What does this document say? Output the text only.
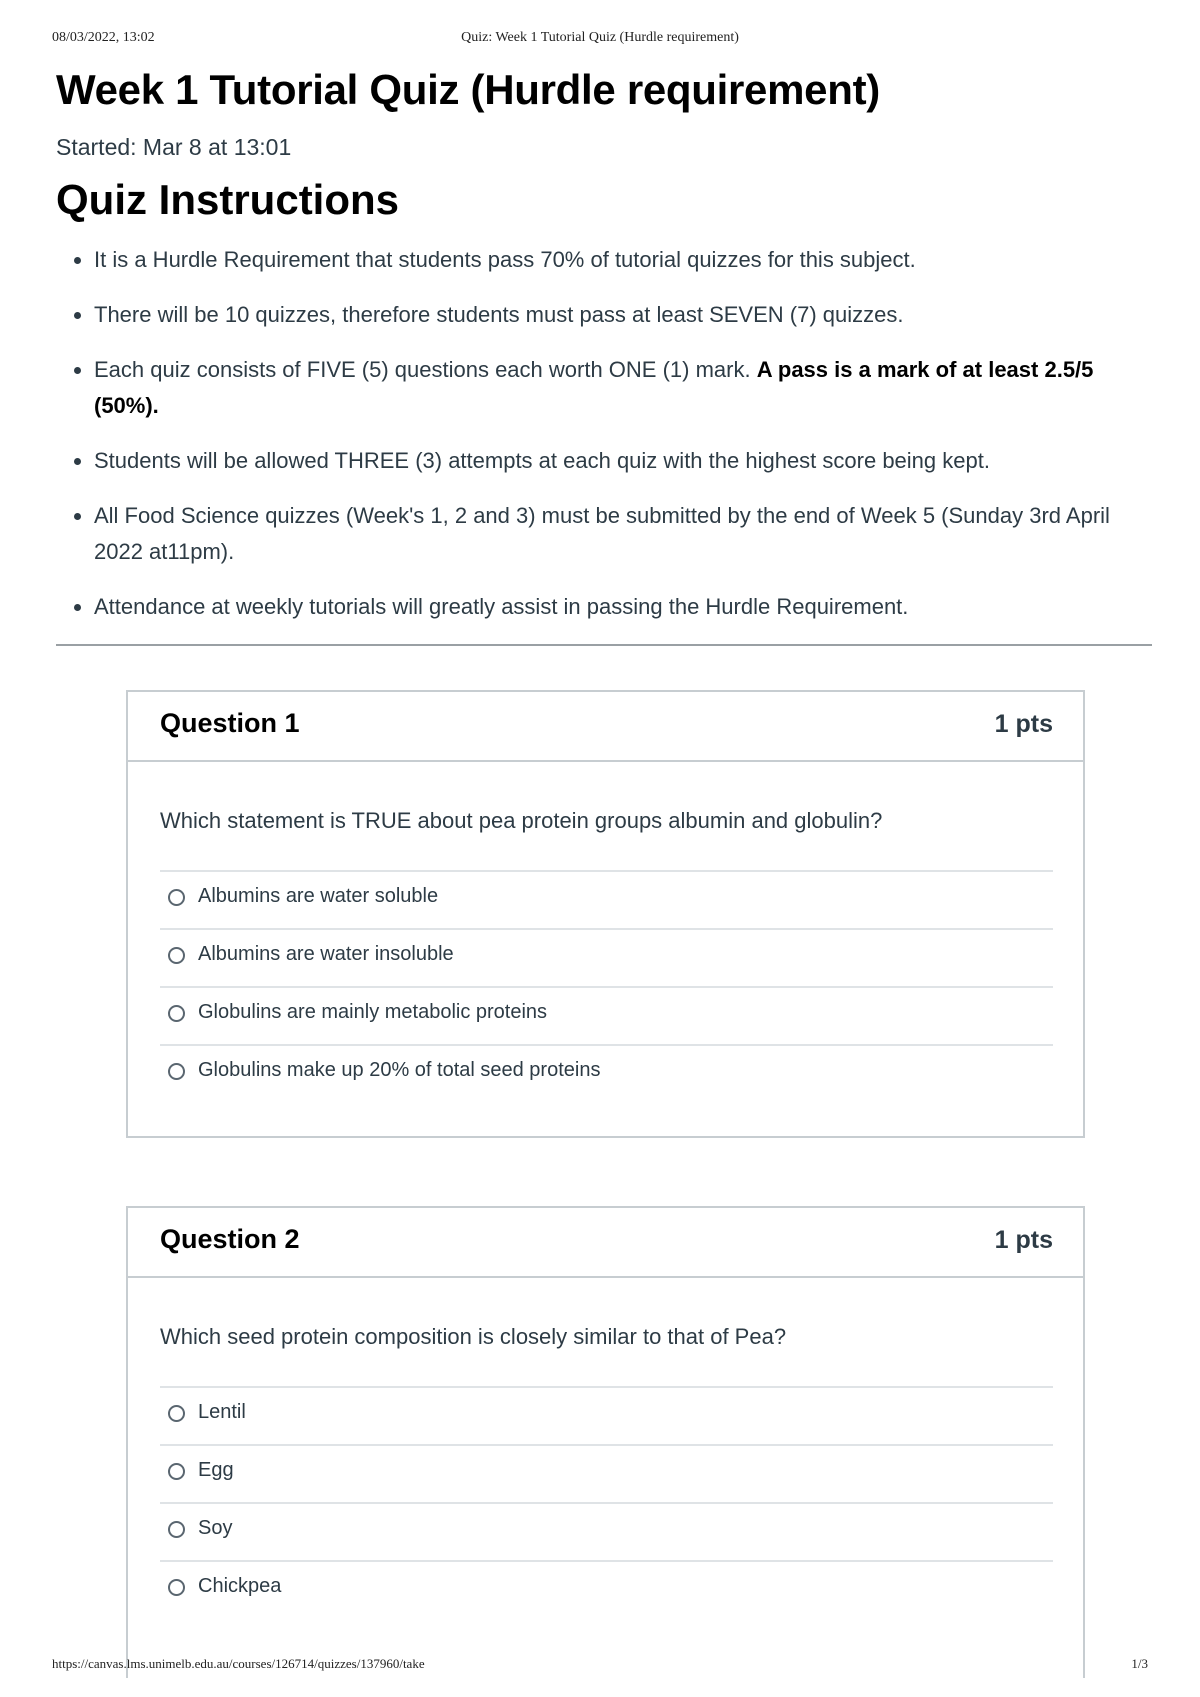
08/03/2022, 13:02	Quiz: Week 1 Tutorial Quiz (Hurdle requirement)
Week 1 Tutorial Quiz (Hurdle requirement)
Started: Mar 8 at 13:01
Quiz Instructions
• It is a Hurdle Requirement that students pass 70% of tutorial quizzes for this subject.
• There will be 10 quizzes, therefore students must pass at least SEVEN (7) quizzes.
• Each quiz consists of FIVE (5) questions each worth ONE (1) mark. A pass is a mark of at least 2.5/5 (50%).
• Students will be allowed THREE (3) attempts at each quiz with the highest score being kept.
• All Food Science quizzes (Week's 1, 2 and 3) must be submitted by the end of Week 5 (Sunday 3rd April 2022 at11pm).
• Attendance at weekly tutorials will greatly assist in passing the Hurdle Requirement.
Question 1	1 pts
Which statement is TRUE about pea protein groups albumin and globulin?
Albumins are water soluble
Albumins are water insoluble
Globulins are mainly metabolic proteins
Globulins make up 20% of total seed proteins
Question 2	1 pts
Which seed protein composition is closely similar to that of Pea?
Lentil
Egg
Soy
Chickpea
https://canvas.lms.unimelb.edu.au/courses/126714/quizzes/137960/take	1/3
